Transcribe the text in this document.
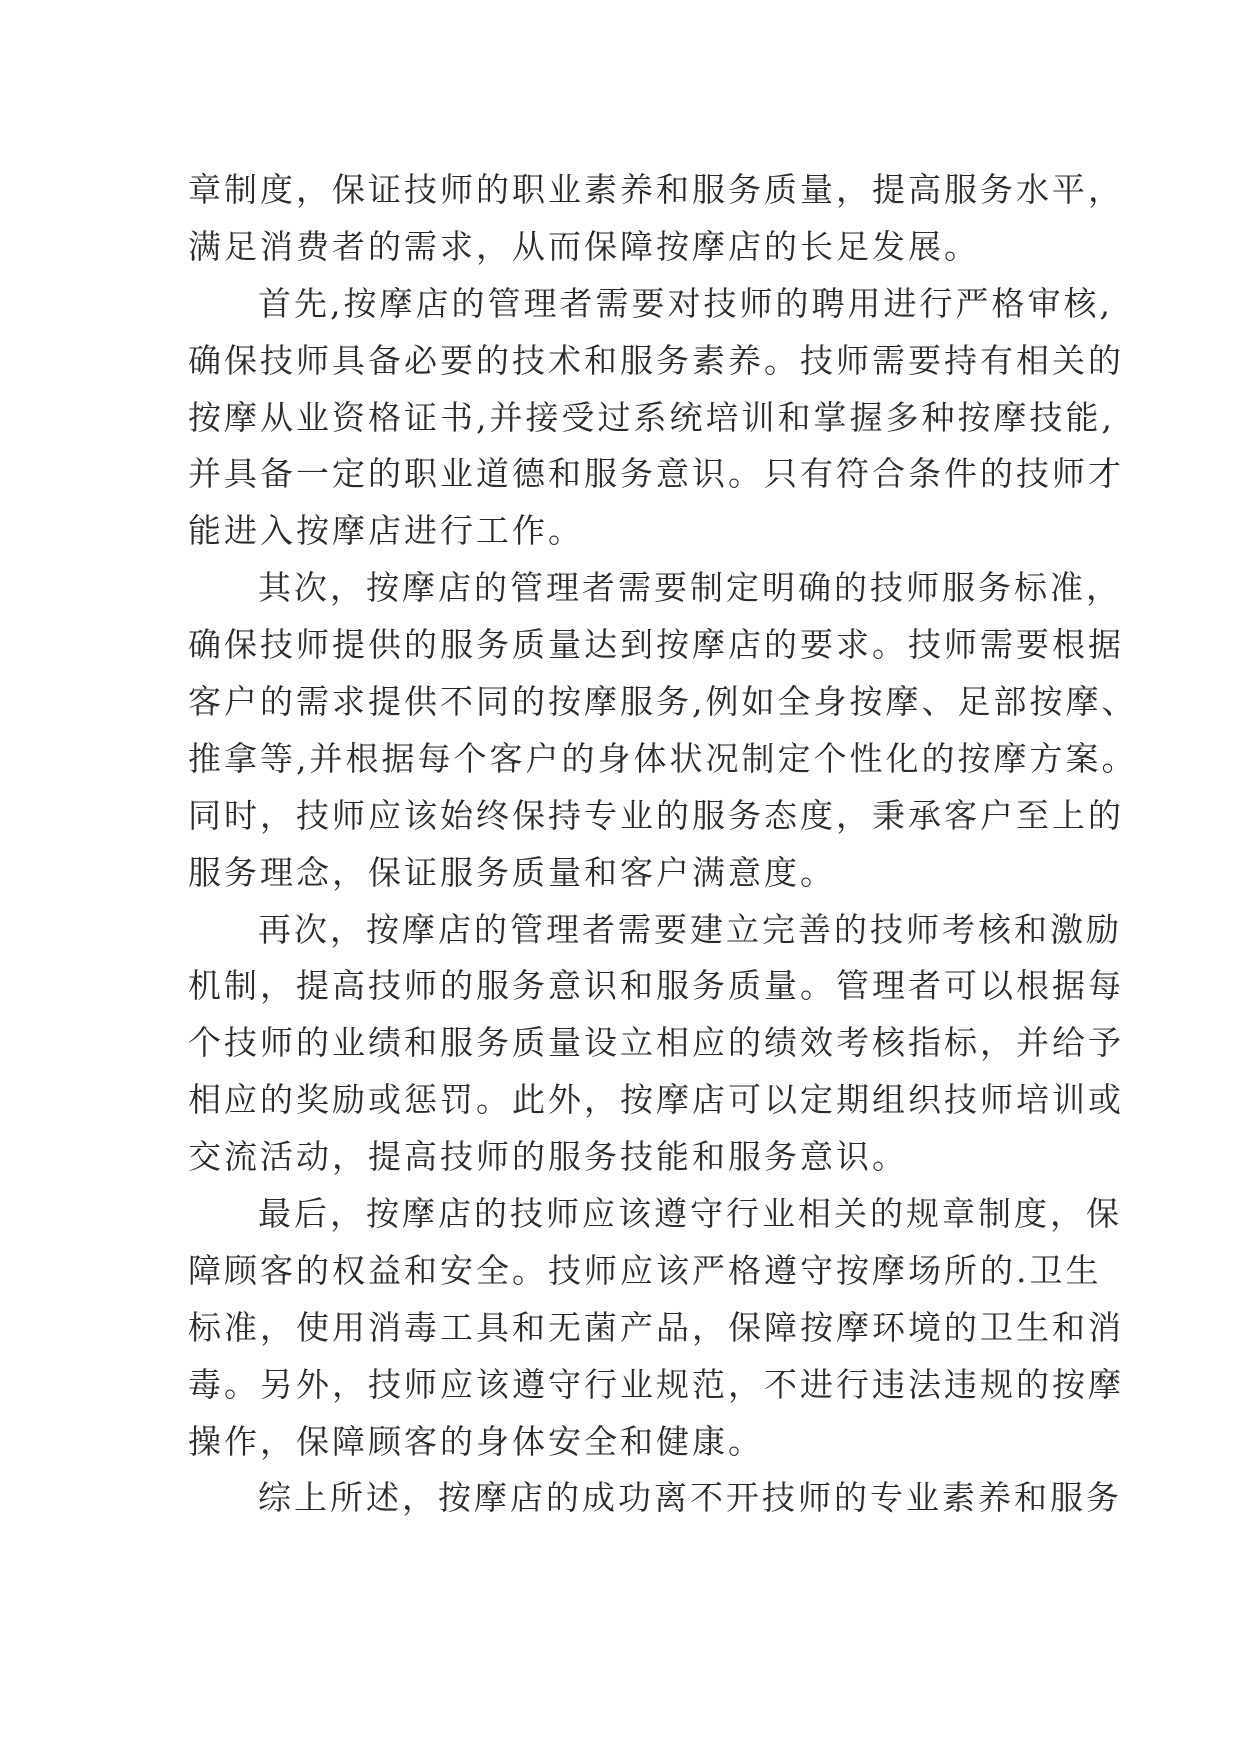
章制度，保证技师的职业素养和服务质量，提高服务水平，
满足消费者的需求，从而保障按摩店的长足发展。
首先,按摩店的管理者需要对技师的聘用进行严格审核,
确保技师具备必要的技术和服务素养。技师需要持有相关的
按摩从业资格证书,并接受过系统培训和掌握多种按摩技能,
并具备一定的职业道德和服务意识。只有符合条件的技师才
能进入按摩店进行工作。
其次，按摩店的管理者需要制定明确的技师服务标准，
确保技师提供的服务质量达到按摩店的要求。技师需要根据
客户的需求提供不同的按摩服务,例如全身按摩、足部按摩、
推拿等,并根据每个客户的身体状况制定个性化的按摩方案。
同时，技师应该始终保持专业的服务态度，秉承客户至上的
服务理念，保证服务质量和客户满意度。
再次，按摩店的管理者需要建立完善的技师考核和激励
机制，提高技师的服务意识和服务质量。管理者可以根据每
个技师的业绩和服务质量设立相应的绩效考核指标，并给予
相应的奖励或惩罚。此外，按摩店可以定期组织技师培训或
交流活动，提高技师的服务技能和服务意识。
最后，按摩店的技师应该遵守行业相关的规章制度，保
障顾客的权益和安全。技师应该严格遵守按摩场所的.卫生
标准，使用消毒工具和无菌产品，保障按摩环境的卫生和消
毒。另外，技师应该遵守行业规范，不进行违法违规的按摩
操作，保障顾客的身体安全和健康。
综上所述，按摩店的成功离不开技师的专业素养和服务
